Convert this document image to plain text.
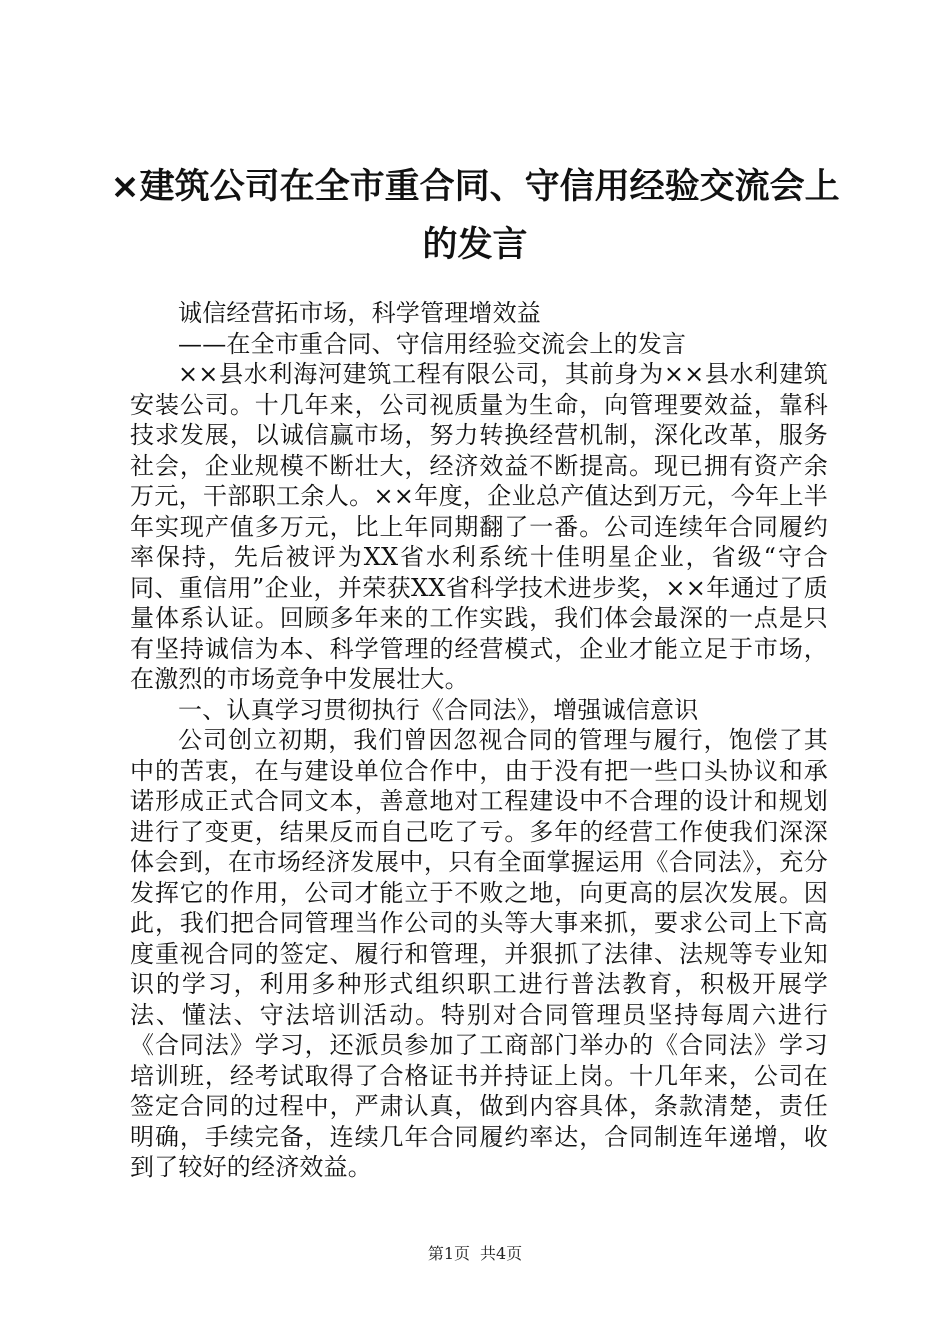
×建筑公司在全市重合同、守信用经验交流会上的发言

诚信经营拓市场，科学管理增效益

——在全市重合同、守信用经验交流会上的发言

××县水利海河建筑工程有限公司，其前身为××县水利建筑安装公司。十几年来，公司视质量为生命，向管理要效益，靠科技求发展，以诚信赢市场，努力转换经营机制，深化改革，服务社会，企业规模不断壮大，经济效益不断提高。现已拥有资产余万元，干部职工余人。××年度，企业总产值达到万元，今年上半年实现产值多万元，比上年同期翻了一番。公司连续年合同履约率保持，先后被评为XX省水利系统十佳明星企业，省级“守合同、重信用”企业，并荣获XX省科学技术进步奖，××年通过了质量体系认证。回顾多年来的工作实践，我们体会最深的一点是只有坚持诚信为本、科学管理的经营模式，企业才能立足于市场，在激烈的市场竞争中发展壮大。

一、认真学习贯彻执行《合同法》，增强诚信意识

公司创立初期，我们曾因忽视合同的管理与履行，饱偿了其中的苦衷，在与建设单位合作中，由于没有把一些口头协议和承诺形成正式合同文本，善意地对工程建设中不合理的设计和规划进行了变更，结果反而自己吃了亏。多年的经营工作使我们深深体会到，在市场经济发展中，只有全面掌握运用《合同法》，充分发挥它的作用，公司才能立于不败之地，向更高的层次发展。因此，我们把合同管理当作公司的头等大事来抓，要求公司上下高度重视合同的签定、履行和管理，并狠抓了法律、法规等专业知识的学习，利用多种形式组织职工进行普法教育，积极开展学法、懂法、守法培训活动。特别对合同管理员坚持每周六进行《合同法》学习，还派员参加了工商部门举办的《合同法》学习培训班，经考试取得了合格证书并持证上岗。十几年来，公司在签定合同的过程中，严肃认真，做到内容具体，条款清楚，责任明确，手续完备，连续几年合同履约率达，合同制连年递增，收到了较好的经济效益。

第1页 共4页
